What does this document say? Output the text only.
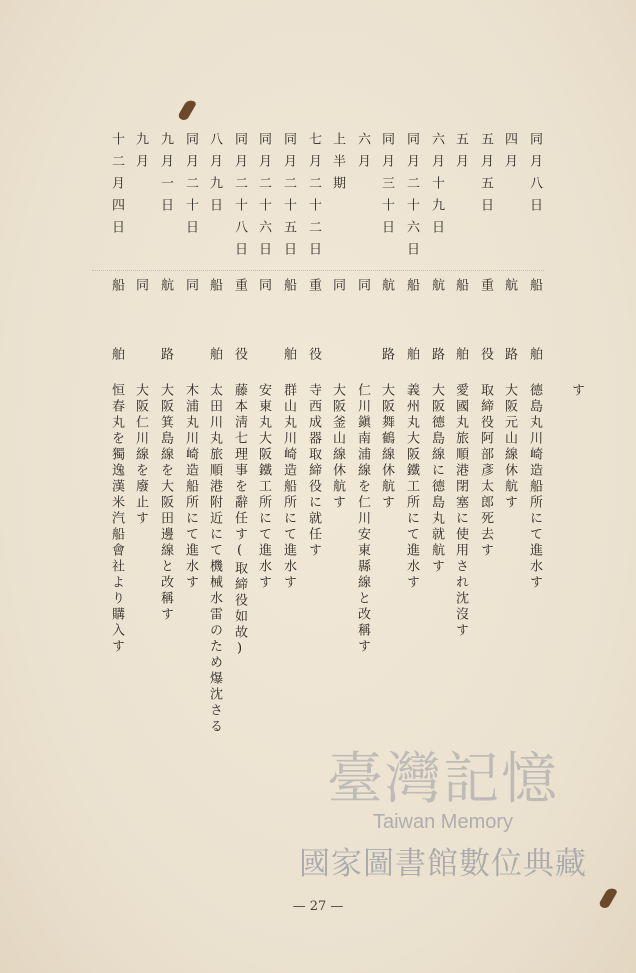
す
同月八日
船舶
德島丸川崎造船所にて進水す
四月
航路
大阪元山線休航す
五月五日
重役
取締役阿部彥太郎死去す
五月
船舶
愛國丸旅順港閉塞に使用され沈沒す
六月十九日
航路
大阪德島線に德島丸就航す
同月二十六日
船舶
義州丸大阪鐵工所にて進水す
同月三十日
航路
大阪舞鶴線休航す
六月
同
仁川鎭南浦線を仁川安東縣線と改稱す
上半期
同
大阪釜山線休航す
七月二十二日
重役
寺西成器取締役に就任す
同月二十五日
船舶
群山丸川崎造船所にて進水す
同月二十六日
同
安東丸大阪鐵工所にて進水す
同月二十八日
重役
藤本淸七理事を辭任す(取締役如故)
八月九日
船舶
太田川丸旅順港附近にて機械水雷のため爆沈さる
同月二十日
同
木浦丸川崎造船所にて進水す
九月一日
航路
大阪箕島線を大阪田邊線と改稱す
九月
同
大阪仁川線を廢止す
十二月四日
船舶
恒春丸を獨逸漢米汽船會社より購入す
臺灣記憶
Taiwan Memory
國家圖書館數位典藏
— 27 —
